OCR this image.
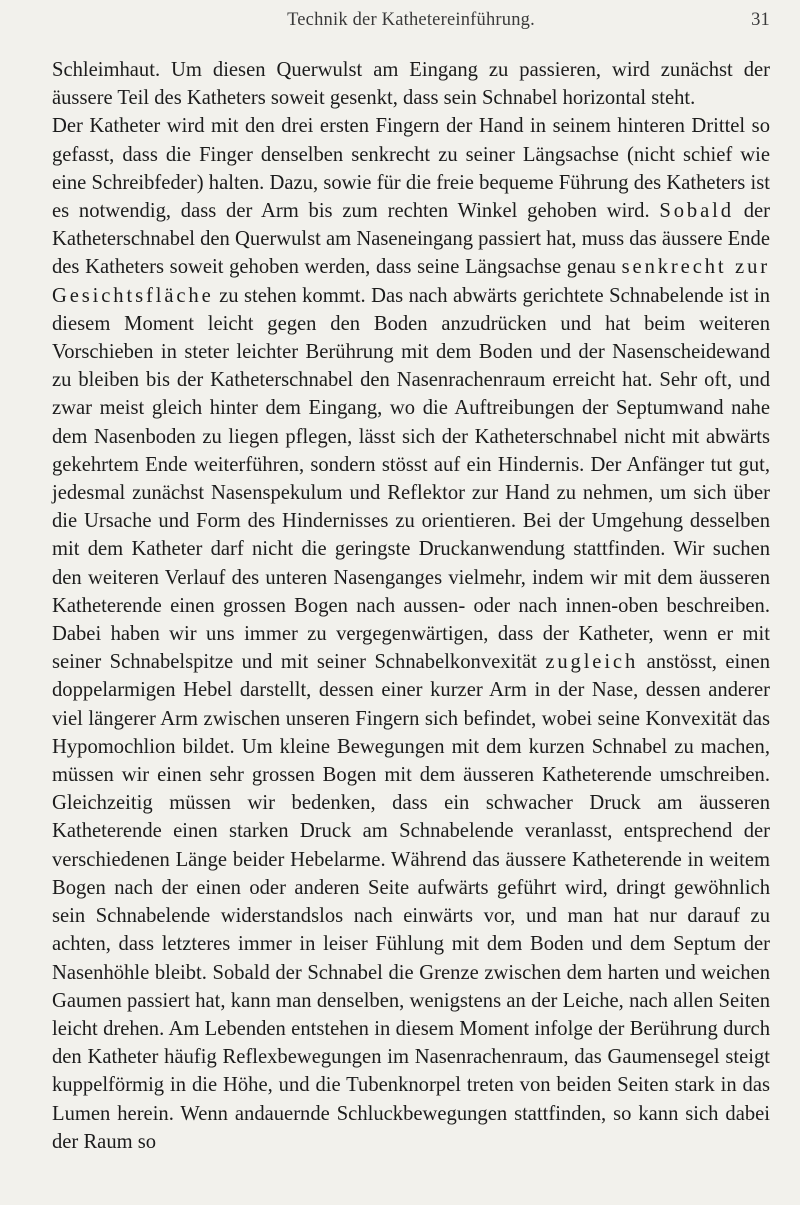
Technik der Kathetereinführung.	31

Schleimhaut. Um diesen Querwulst am Eingang zu passieren, wird zunächst der äussere Teil des Katheters soweit gesenkt, dass sein Schnabel horizontal steht.

Der Katheter wird mit den drei ersten Fingern der Hand in seinem hinteren Drittel so gefasst, dass die Finger denselben senkrecht zu seiner Längsachse (nicht schief wie eine Schreibfeder) halten. Dazu, sowie für die freie bequeme Führung des Katheters ist es notwendig, dass der Arm bis zum rechten Winkel gehoben wird. Sobald der Katheterschnabel den Querwulst am Naseneingang passiert hat, muss das äussere Ende des Katheters soweit gehoben werden, dass seine Längsachse genau senkrecht zur Gesichtsfläche zu stehen kommt. Das nach abwärts gerichtete Schnabelende ist in diesem Moment leicht gegen den Boden anzudrücken und hat beim weiteren Vorschieben in steter leichter Berührung mit dem Boden und der Nasenscheidewand zu bleiben bis der Katheterschnabel den Nasenrachenraum erreicht hat. Sehr oft, und zwar meist gleich hinter dem Eingang, wo die Auftreibungen der Septumwand nahe dem Nasenboden zu liegen pflegen, lässt sich der Katheterschnabel nicht mit abwärts gekehrtem Ende weiterführen, sondern stösst auf ein Hindernis. Der Anfänger tut gut, jedesmal zunächst Nasenspekulum und Reflektor zur Hand zu nehmen, um sich über die Ursache und Form des Hindernisses zu orientieren. Bei der Umgehung desselben mit dem Katheter darf nicht die geringste Druckanwendung stattfinden. Wir suchen den weiteren Verlauf des unteren Nasenganges vielmehr, indem wir mit dem äusseren Katheterende einen grossen Bogen nach aussen- oder nach innen-oben beschreiben. Dabei haben wir uns immer zu vergegenwärtigen, dass der Katheter, wenn er mit seiner Schnabelspitze und mit seiner Schnabelkonvexität zugleich anstösst, einen doppelarmigen Hebel darstellt, dessen einer kurzer Arm in der Nase, dessen anderer viel längerer Arm zwischen unseren Fingern sich befindet, wobei seine Konvexität das Hypomochlion bildet. Um kleine Bewegungen mit dem kurzen Schnabel zu machen, müssen wir einen sehr grossen Bogen mit dem äusseren Katheterende umschreiben. Gleichzeitig müssen wir bedenken, dass ein schwacher Druck am äusseren Katheterende einen starken Druck am Schnabelende veranlasst, entsprechend der verschiedenen Länge beider Hebelarme. Während das äussere Katheterende in weitem Bogen nach der einen oder anderen Seite aufwärts geführt wird, dringt gewöhnlich sein Schnabelende widerstandslos nach einwärts vor, und man hat nur darauf zu achten, dass letzteres immer in leiser Fühlung mit dem Boden und dem Septum der Nasenhöhle bleibt. Sobald der Schnabel die Grenze zwischen dem harten und weichen Gaumen passiert hat, kann man denselben, wenigstens an der Leiche, nach allen Seiten leicht drehen. Am Lebenden entstehen in diesem Moment infolge der Berührung durch den Katheter häufig Reflexbewegungen im Nasenrachenraum, das Gaumensegel steigt kuppelförmig in die Höhe, und die Tubenknorpel treten von beiden Seiten stark in das Lumen herein. Wenn andauernde Schluckbewegungen stattfinden, so kann sich dabei der Raum so
